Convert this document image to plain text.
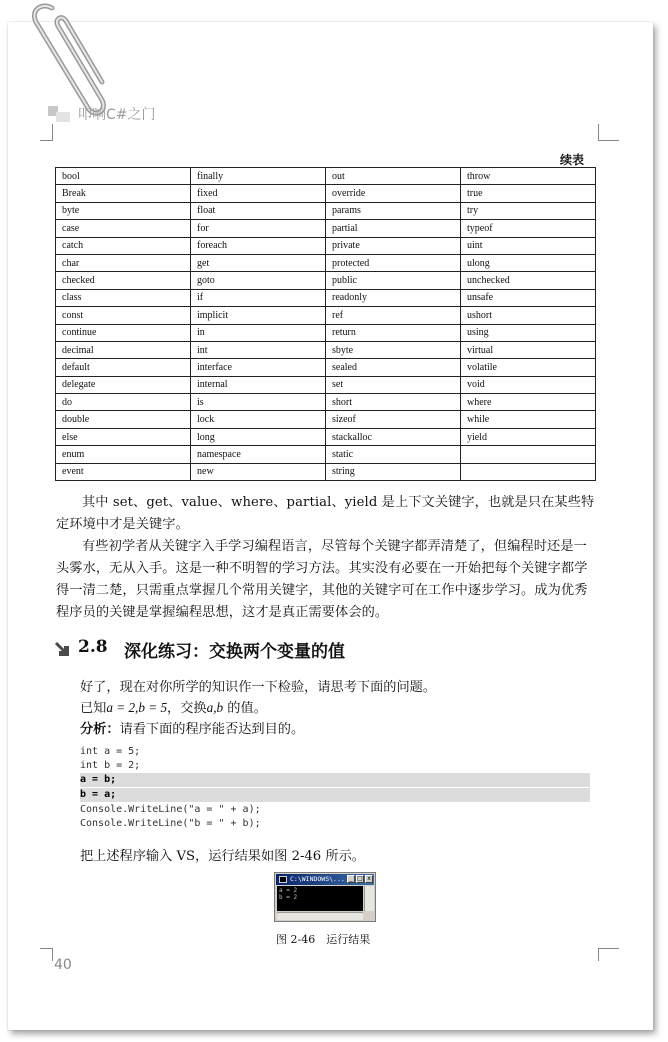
叩响C#之门
续表
bool	finally	out	throw
Break	fixed	override	true
byte	float	params	try
case	for	partial	typeof
catch	foreach	private	uint
char	get	protected	ulong
checked	goto	public	unchecked
class	if	readonly	unsafe
const	implicit	ref	ushort
continue	in	return	using
decimal	int	sbyte	virtual
default	interface	sealed	volatile
delegate	internal	set	void
do	is	short	where
double	lock	sizeof	while
else	long	stackalloc	yield
enum	namespace	static	
event	new	string	
其中 set、get、value、where、partial、yield 是上下文关键字，也就是只在某些特定环境中才是关键字。
有些初学者从关键字入手学习编程语言，尽管每个关键字都弄清楚了，但编程时还是一头雾水，无从入手。这是一种不明智的学习方法。其实没有必要在一开始把每个关键字都学得一清二楚，只需重点掌握几个常用关键字，其他的关键字可在工作中逐步学习。成为优秀程序员的关键是掌握编程思想，这才是真正需要体会的。
2.8 深化练习：交换两个变量的值
好了，现在对你所学的知识作一下检验，请思考下面的问题。
已知a = 2,b = 5，交换a,b 的值。
分析：请看下面的程序能否达到目的。
int a = 5;
int b = 2;
a = b;
b = a;
Console.WriteLine("a = " + a);
Console.WriteLine("b = " + b);
把上述程序输入 VS，运行结果如图 2-46 所示。
C:\WINDOWS\... _ □ x
a = 2
b = 2
图 2-46　运行结果
40
